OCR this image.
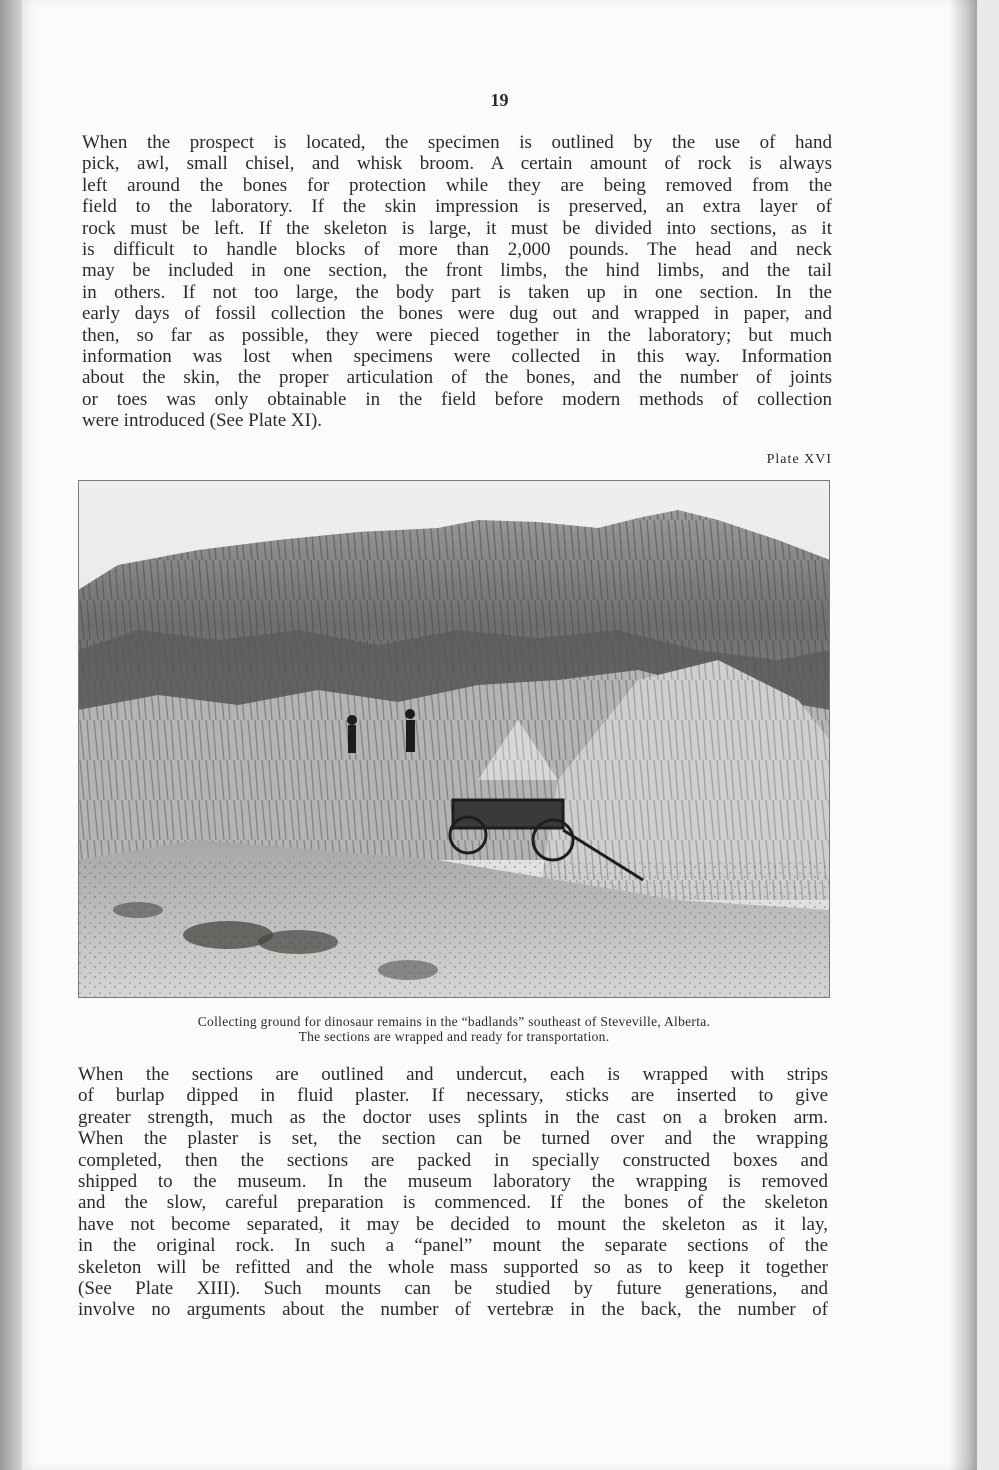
19

When the prospect is located, the specimen is outlined by the use of hand
pick, awl, small chisel, and whisk broom. A certain amount of rock is always
left around the bones for protection while they are being removed from the
field to the laboratory. If the skin impression is preserved, an extra layer of
rock must be left. If the skeleton is large, it must be divided into sections, as it
is difficult to handle blocks of more than 2,000 pounds. The head and neck
may be included in one section, the front limbs, the hind limbs, and the tail
in others. If not too large, the body part is taken up in one section. In the
early days of fossil collection the bones were dug out and wrapped in paper, and
then, so far as possible, they were pieced together in the laboratory; but much
information was lost when specimens were collected in this way. Information
about the skin, the proper articulation of the bones, and the number of joints
or toes was only obtainable in the field before modern methods of collection
were introduced (See Plate XI).

Plate XVI
Collecting ground for dinosaur remains in the “badlands” southeast of Steveville, Alberta.
The sections are wrapped and ready for transportation.

When the sections are outlined and undercut, each is wrapped with strips
of burlap dipped in fluid plaster. If necessary, sticks are inserted to give
greater strength, much as the doctor uses splints in the cast on a broken arm.
When the plaster is set, the section can be turned over and the wrapping
completed, then the sections are packed in specially constructed boxes and
shipped to the museum. In the museum laboratory the wrapping is removed
and the slow, careful preparation is commenced. If the bones of the skeleton
have not become separated, it may be decided to mount the skeleton as it lay,
in the original rock. In such a “panel” mount the separate sections of the
skeleton will be refitted and the whole mass supported so as to keep it together
(See Plate XIII). Such mounts can be studied by future generations, and
involve no arguments about the number of vertebræ in the back, the number of
